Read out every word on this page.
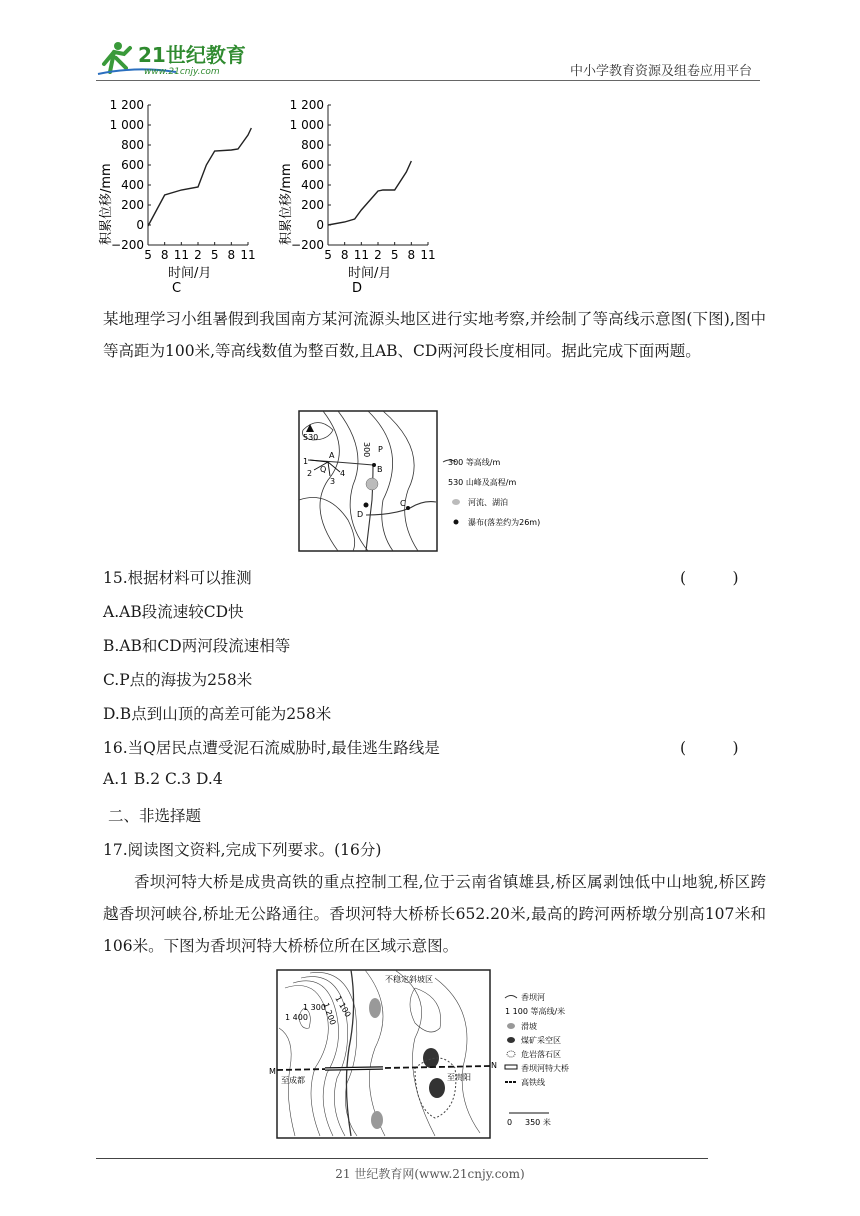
21世纪教育
www.21cnjy.com	中小学教育资源及组卷应用平台
1 200
1 000
800
600
400
200
0
−200
5 8 11 2 5 8 11
1 200
1 000
800
600
400
200
0
−200
5 8 11 2 5 8 11
积累位移/mm	积累位移/mm
时间/月	时间/月
C	D
某地理学习小组暑假到我国南方某河流源头地区进行实地考察,并绘制了等高线示意图(下图),图中等高距为100米,等高线数值为整百数,且AB、CD两河段长度相同。据此完成下面两题。
530
300 P
A
B
C
D
Q
1
2
3
4
300 等高线/m
530 山峰及高程/m
河流、湖泊
瀑布(落差约为26m)
15.根据材料可以推测	(　　　)
A.AB段流速较CD快
B.AB和CD两河段流速相等
C.P点的海拔为258米
D.B点到山顶的高差可能为258米
16.当Q居民点遭受泥石流威胁时,最佳逃生路线是	(　　　)
A.1 B.2 C.3 D.4
二、非选择题
17.阅读图文资料,完成下列要求。(16分)
香坝河特大桥是成贵高铁的重点控制工程,位于云南省镇雄县,桥区属剥蚀低中山地貌,桥区跨越香坝河峡谷,桥址无公路通往。香坝河特大桥桥长652.20米,最高的跨河两桥墩分别高107米和106米。下图为香坝河特大桥桥位所在区域示意图。
不稳定斜坡区
1 400
1 300
1 200
1 100
M
N
至成都	至贵阳
香坝河
1 100 等高线/米
滑坡
煤矿采空区
危岩落石区
香坝河特大桥
高铁线
0 350 米
21 世纪教育网(www.21cnjy.com)
